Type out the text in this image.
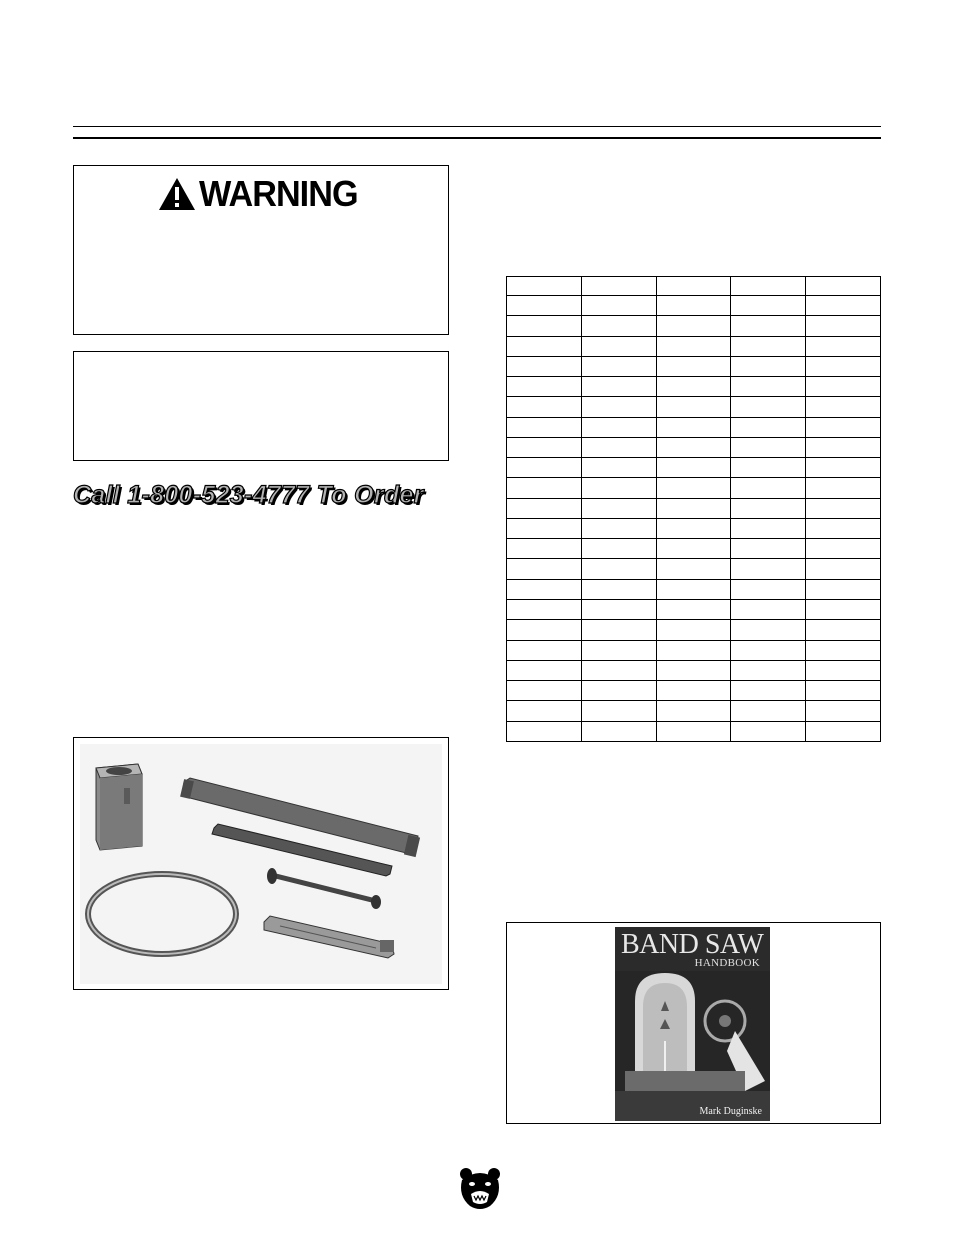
WARNING
Call 1-800-523-4777 To Order

BAND SAW
HANDBOOK
Mark Duginske
